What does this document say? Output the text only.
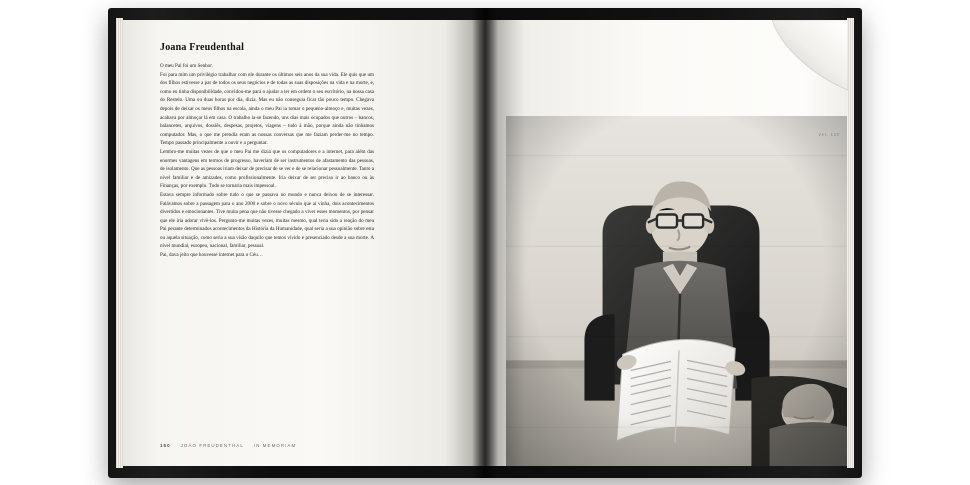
Joana Freudenthal

O meu Pai foi um Senhor.

Foi para mim um privilégio trabalhar com ele durante os últimos seis anos da sua vida. Ele quis que um dos filhos estivesse a par de todos os seus negócios e de todas as suas disposições na vida e na morte, e, como eu tinha disponibilidade, convidou-me para o ajudar a ter em ordem o seu escritório, na nossa casa do Restelo. Uma ou duas horas por dia, dizia. Mas eu não conseguia ficar tão pouco tempo. Chegava depois de deixar os meus filhos na escola, ainda o meu Pai ia tomar o pequeno-almoço e, muitas vezes, acabava por almoçar lá em casa. O trabalho ia-se fazendo, uns dias mais ocupados que outros – bancos, balancetes, arquivos, dossiês, despesas, projetos, viagens – tudo à mão, porque ainda não tínhamos computador. Mas, o que me prendia eram as nossas conversas que me faziam perder-me no tempo. Tempo passado principalmente a ouvir e a perguntar.

Lembro-me muitas vezes de que o meu Pai me dizia que os computadores e a internet, para além das enormes vantagens em termos de progresso, haveriam de ser instrumentos de afastamento das pessoas, de isolamento. Que as pessoas iriam deixar de precisar de se ver e de se relacionar pessoalmente. Tanto a nível familiar e de amizades, como profissionalmente. Iria deixar de ser preciso ir ao banco ou às Finanças, por exemplo. Tudo se tornaria mais impessoal.

Estava sempre informado sobre tudo o que se passava no mundo e nunca deixou de se interessar. Falávamos sobre a passagem para o ano 2000 e sobre o novo século que aí vinha, dois acontecimentos divertidos e emocionantes. Tive muita pena que não tivesse chegado a viver esses momentos, por pensar que ele iria adorar vivê-los. Pergunto-me muitas vezes, muitas mesmo, qual teria sido a reação do meu Pai perante determinados acontecimentos da História da Humanidade, qual seria a sua opinião sobre esta ou aquela situação, como seria a sua visão daquilo que temos vivido e presenciado desde a sua morte. A nível mundial, europeu, nacional, familiar, pessoal.

Pai, dava jeito que houvesse internet para o Céu…

150 JOÃO FREUDENTHAL IN MEMORIAM
Ver. 120
